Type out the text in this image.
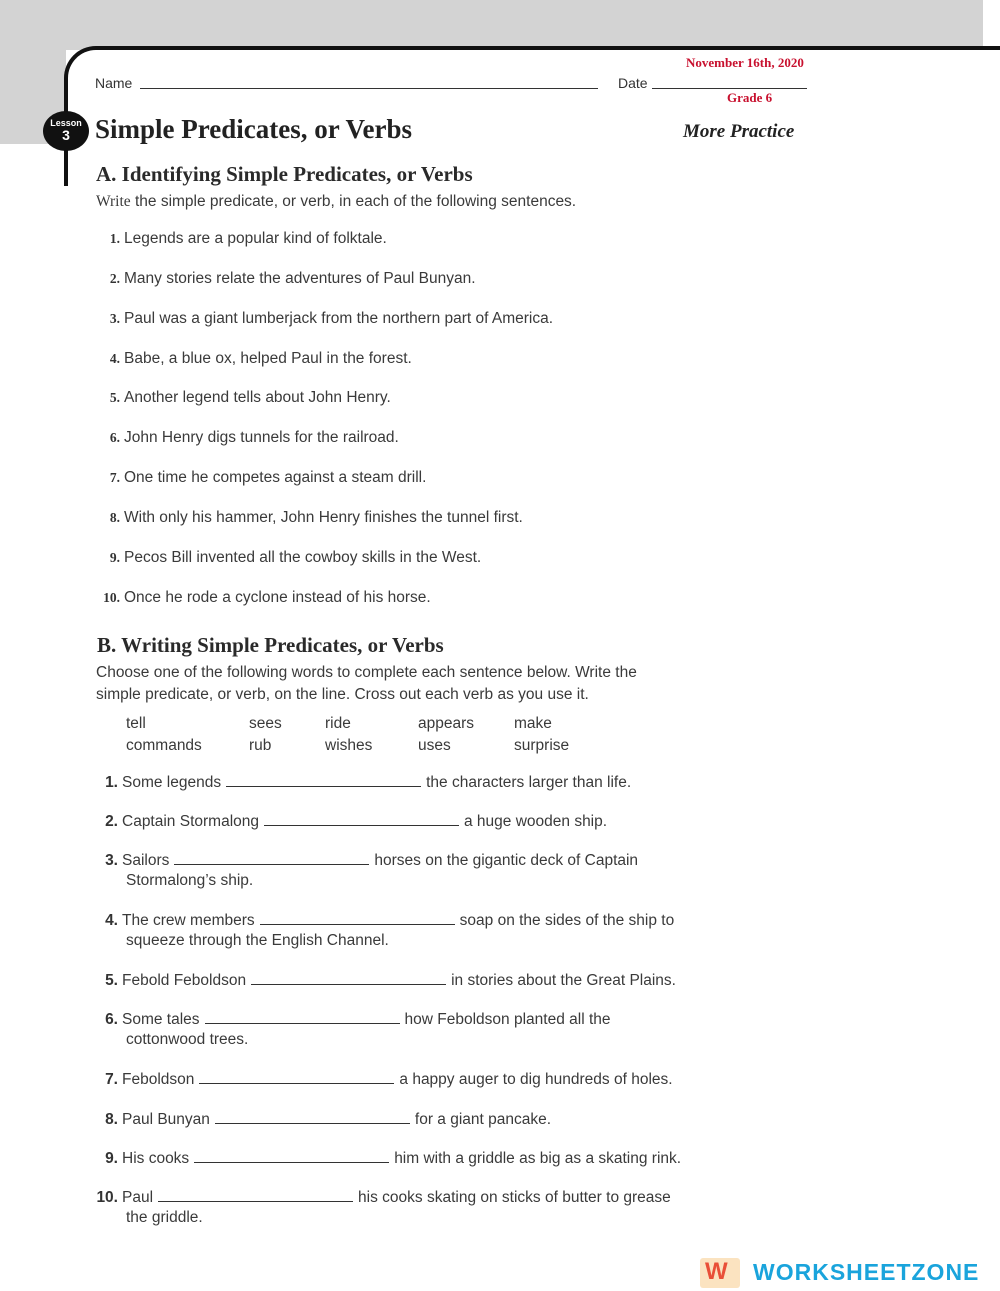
Name	Date
November 16th, 2020
Grade 6
Lesson
3 Simple Predicates, or Verbs	More Practice
A. Identifying Simple Predicates, or Verbs
Write the simple predicate, or verb, in each of the following sentences.
1. Legends are a popular kind of folktale.
2. Many stories relate the adventures of Paul Bunyan.
3. Paul was a giant lumberjack from the northern part of America.
4. Babe, a blue ox, helped Paul in the forest.
5. Another legend tells about John Henry.
6. John Henry digs tunnels for the railroad.
7. One time he competes against a steam drill.
8. With only his hammer, John Henry finishes the tunnel first.
9. Pecos Bill invented all the cowboy skills in the West.
10. Once he rode a cyclone instead of his horse.
B. Writing Simple Predicates, or Verbs
Choose one of the following words to complete each sentence below. Write the
simple predicate, or verb, on the line. Cross out each verb as you use it.
tell	sees	ride	appears	make
commands	rub	wishes	uses	surprise
1. Some legends	the characters larger than life.
2. Captain Stormalong	a huge wooden ship.
3. Sailors	horses on the gigantic deck of Captain
Stormalong’s ship.
4. The crew members	soap on the sides of the ship to
squeeze through the English Channel.
5. Febold Feboldson	in stories about the Great Plains.
6. Some tales	how Feboldson planted all the
cottonwood trees.
7. Feboldson	a happy auger to dig hundreds of holes.
8. Paul Bunyan	for a giant pancake.
9. His cooks	him with a griddle as big as a skating rink.
10. Paul	his cooks skating on sticks of butter to grease
the griddle.
W WORKSHEETZONE
